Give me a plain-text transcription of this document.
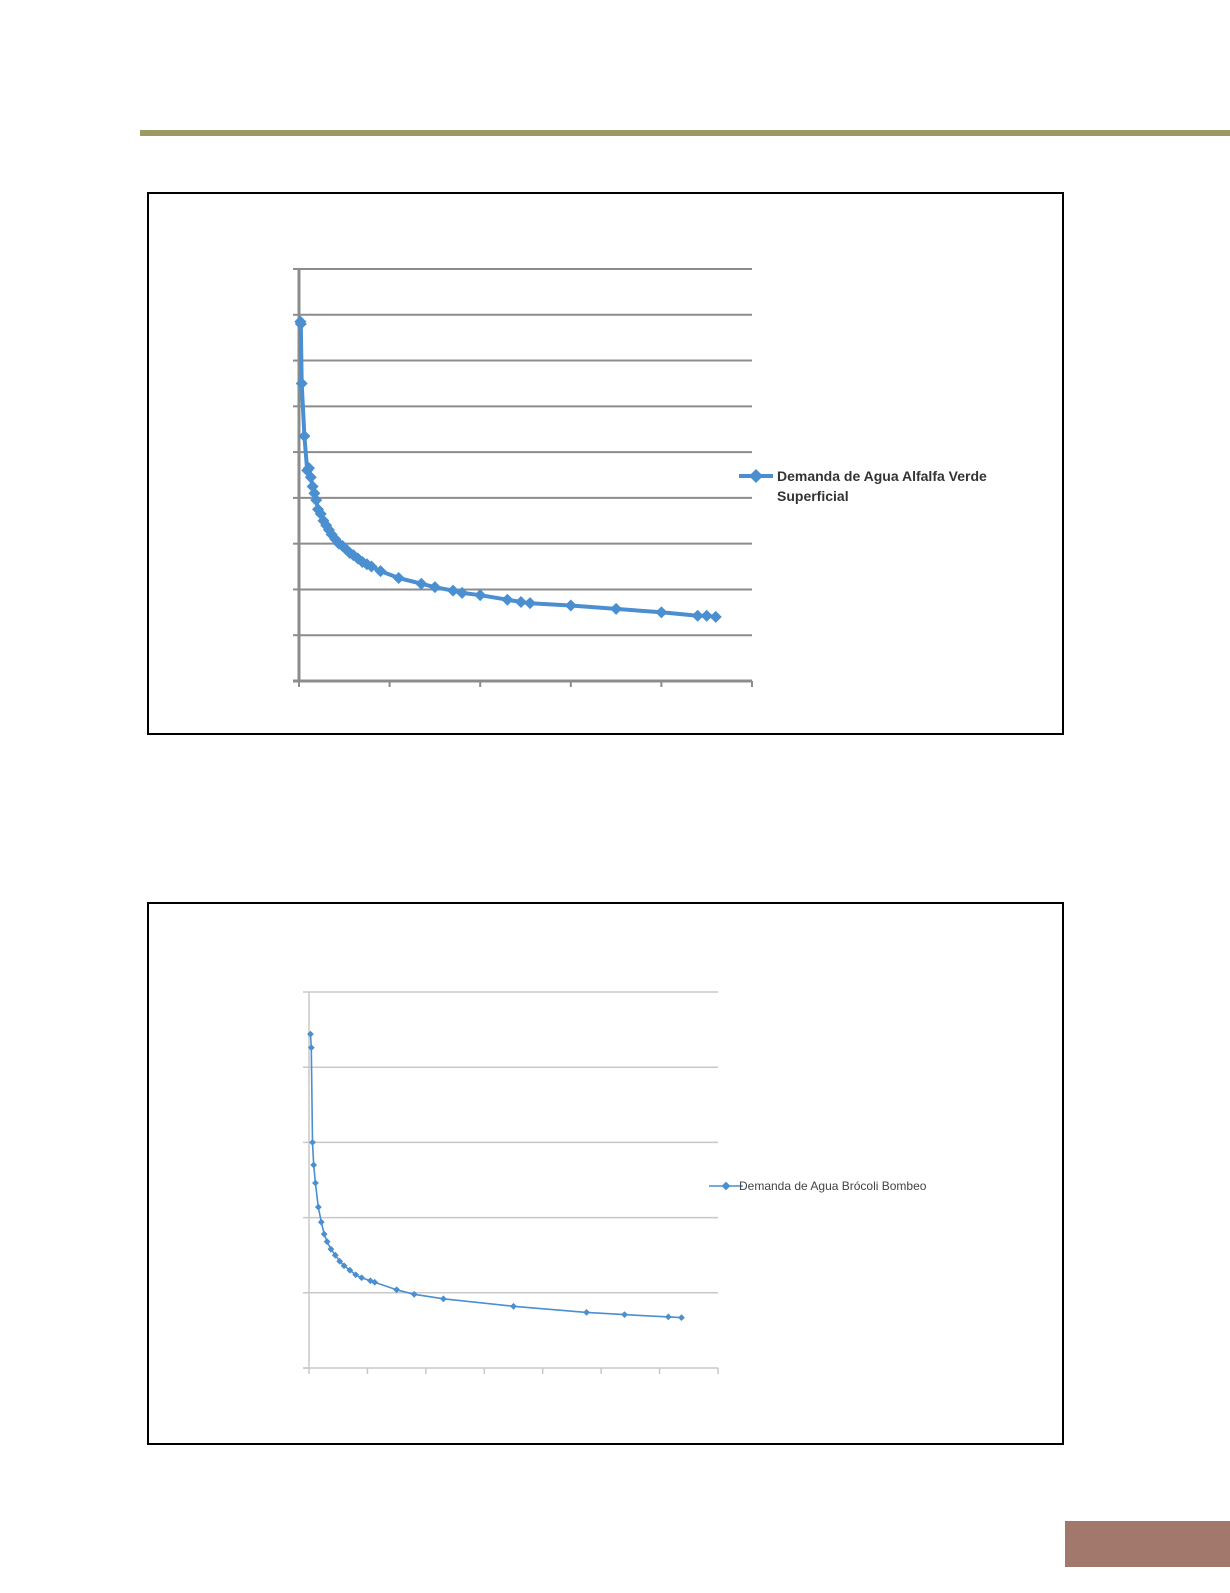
Demanda de Agua Alfalfa Verde Superficial
Demanda de Agua Brócoli Bombeo
